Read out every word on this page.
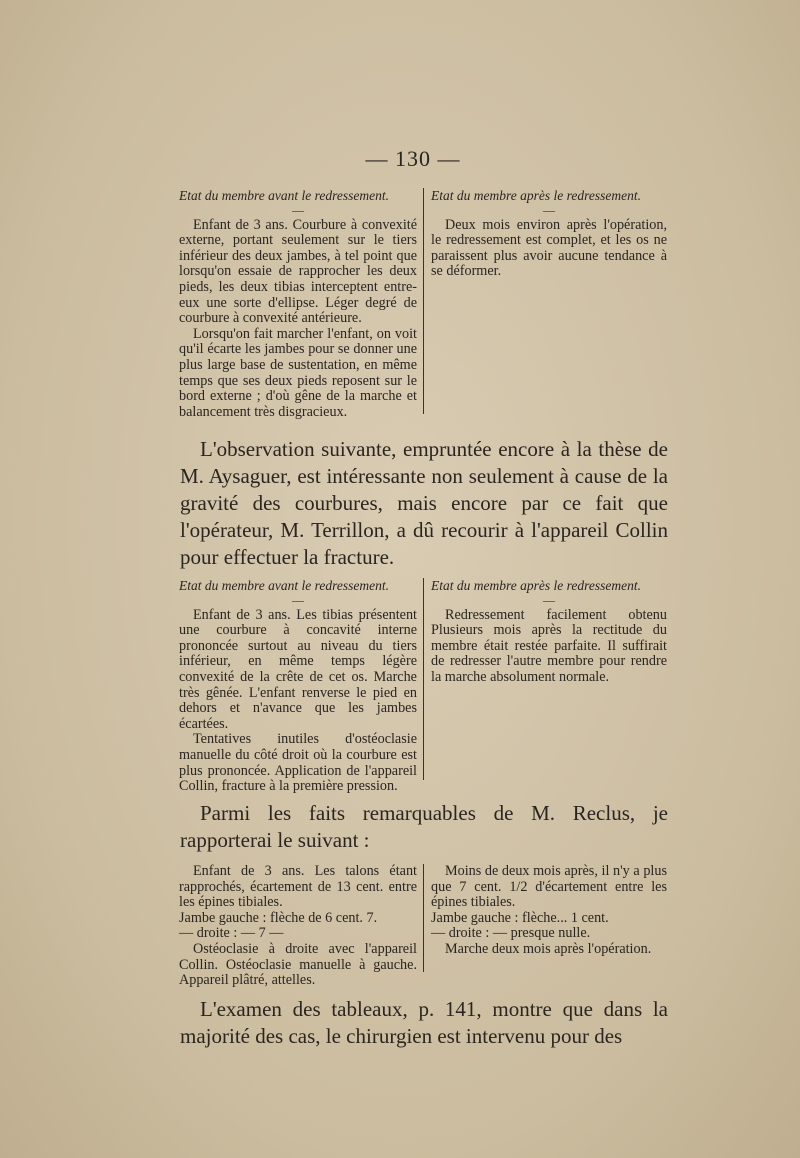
— 130 —

Etat du membre avant le redressement.

—

Enfant de 3 ans. Courbure à convexité externe, portant seulement sur le tiers inférieur des deux jambes, à tel point que lorsqu'on essaie de rapprocher les deux pieds, les deux tibias interceptent entre-eux une sorte d'ellipse. Léger degré de courbure à convexité antérieure.

Lorsqu'on fait marcher l'enfant, on voit qu'il écarte les jambes pour se donner une plus large base de sustentation, en même temps que ses deux pieds reposent sur le bord externe ; d'où gêne de la marche et balancement très disgracieux.

Etat du membre après le redressement.

—

Deux mois environ après l'opération, le redressement est complet, et les os ne paraissent plus avoir aucune tendance à se déformer.

L'observation suivante, empruntée encore à la thèse de M. Aysaguer, est intéressante non seulement à cause de la gravité des courbures, mais encore par ce fait que l'opérateur, M. Terrillon, a dû recourir à l'appareil Collin pour effectuer la fracture.

Etat du membre avant le redressement.

—

Enfant de 3 ans. Les tibias présentent une courbure à concavité interne prononcée surtout au niveau du tiers inférieur, en même temps légère convexité de la crête de cet os. Marche très gênée. L'enfant renverse le pied en dehors et n'avance que les jambes écartées.

Tentatives inutiles d'ostéoclasie manuelle du côté droit où la courbure est plus prononcée. Application de l'appareil Collin, fracture à la première pression.

Etat du membre après le redressement.

—

Redressement facilement obtenu Plusieurs mois après la rectitude du membre était restée parfaite. Il suffirait de redresser l'autre membre pour rendre la marche absolument normale.

Parmi les faits remarquables de M. Reclus, je rapporterai le suivant :

Enfant de 3 ans. Les talons étant rapprochés, écartement de 13 cent. entre les épines tibiales.

Jambe gauche : flèche de 6 cent. 7.

— droite : — 7 —

Ostéoclasie à droite avec l'appareil Collin. Ostéoclasie manuelle à gauche. Appareil plâtré, attelles.

Moins de deux mois après, il n'y a plus que 7 cent. 1/2 d'écartement entre les épines tibiales.

Jambe gauche : flèche... 1 cent.

— droite : — presque nulle.

Marche deux mois après l'opération.

L'examen des tableaux, p. 141, montre que dans la majorité des cas, le chirurgien est intervenu pour des
